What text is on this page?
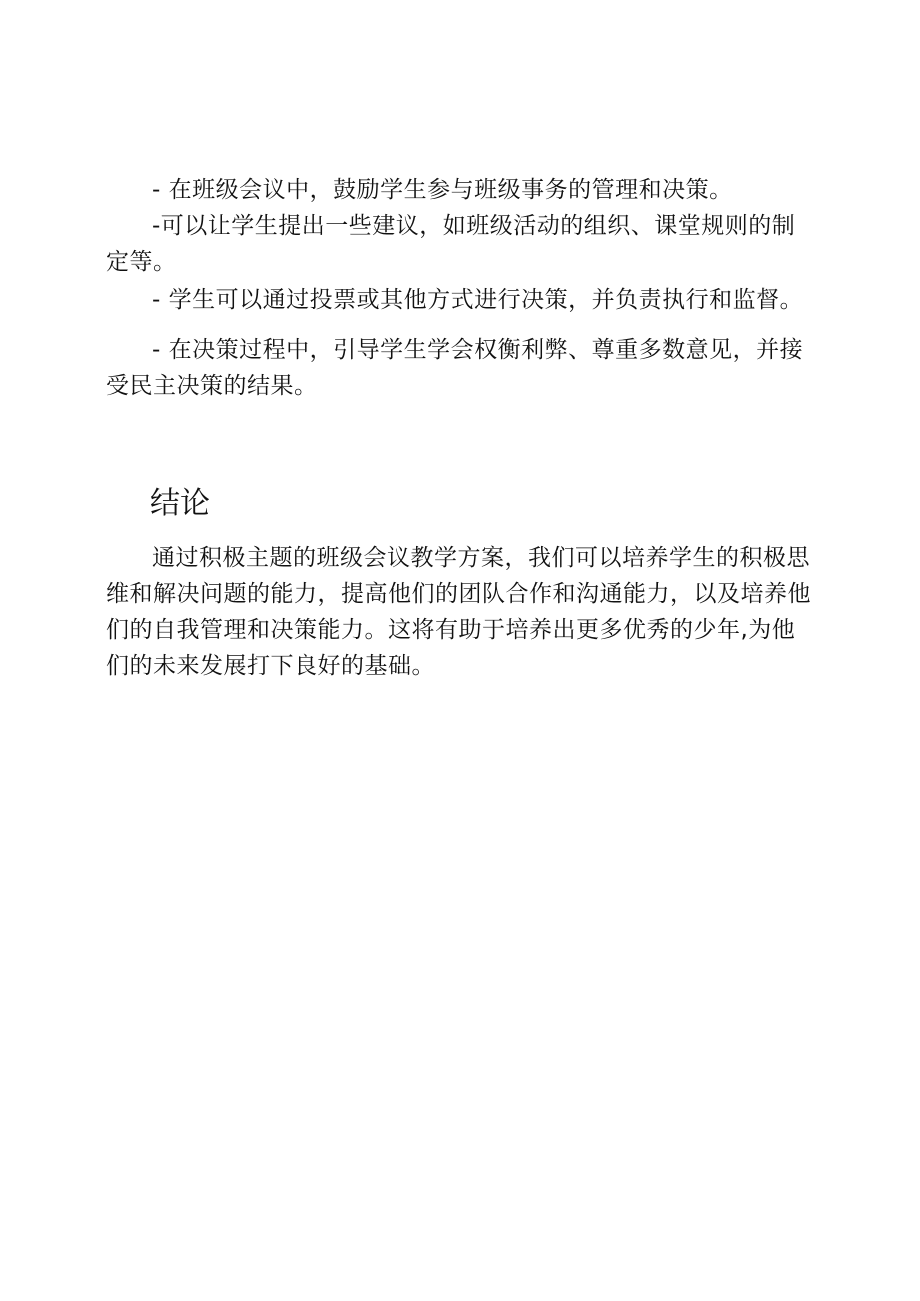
- 在班级会议中，鼓励学生参与班级事务的管理和决策。

-可以让学生提出一些建议，如班级活动的组织、课堂规则的制定等。

- 学生可以通过投票或其他方式进行决策，并负责执行和监督。

- 在决策过程中，引导学生学会权衡利弊、尊重多数意见，并接受民主决策的结果。

结论

通过积极主题的班级会议教学方案，我们可以培养学生的积极思维和解决问题的能力，提高他们的团队合作和沟通能力，以及培养他们的自我管理和决策能力。这将有助于培养出更多优秀的少年,为他们的未来发展打下良好的基础。
